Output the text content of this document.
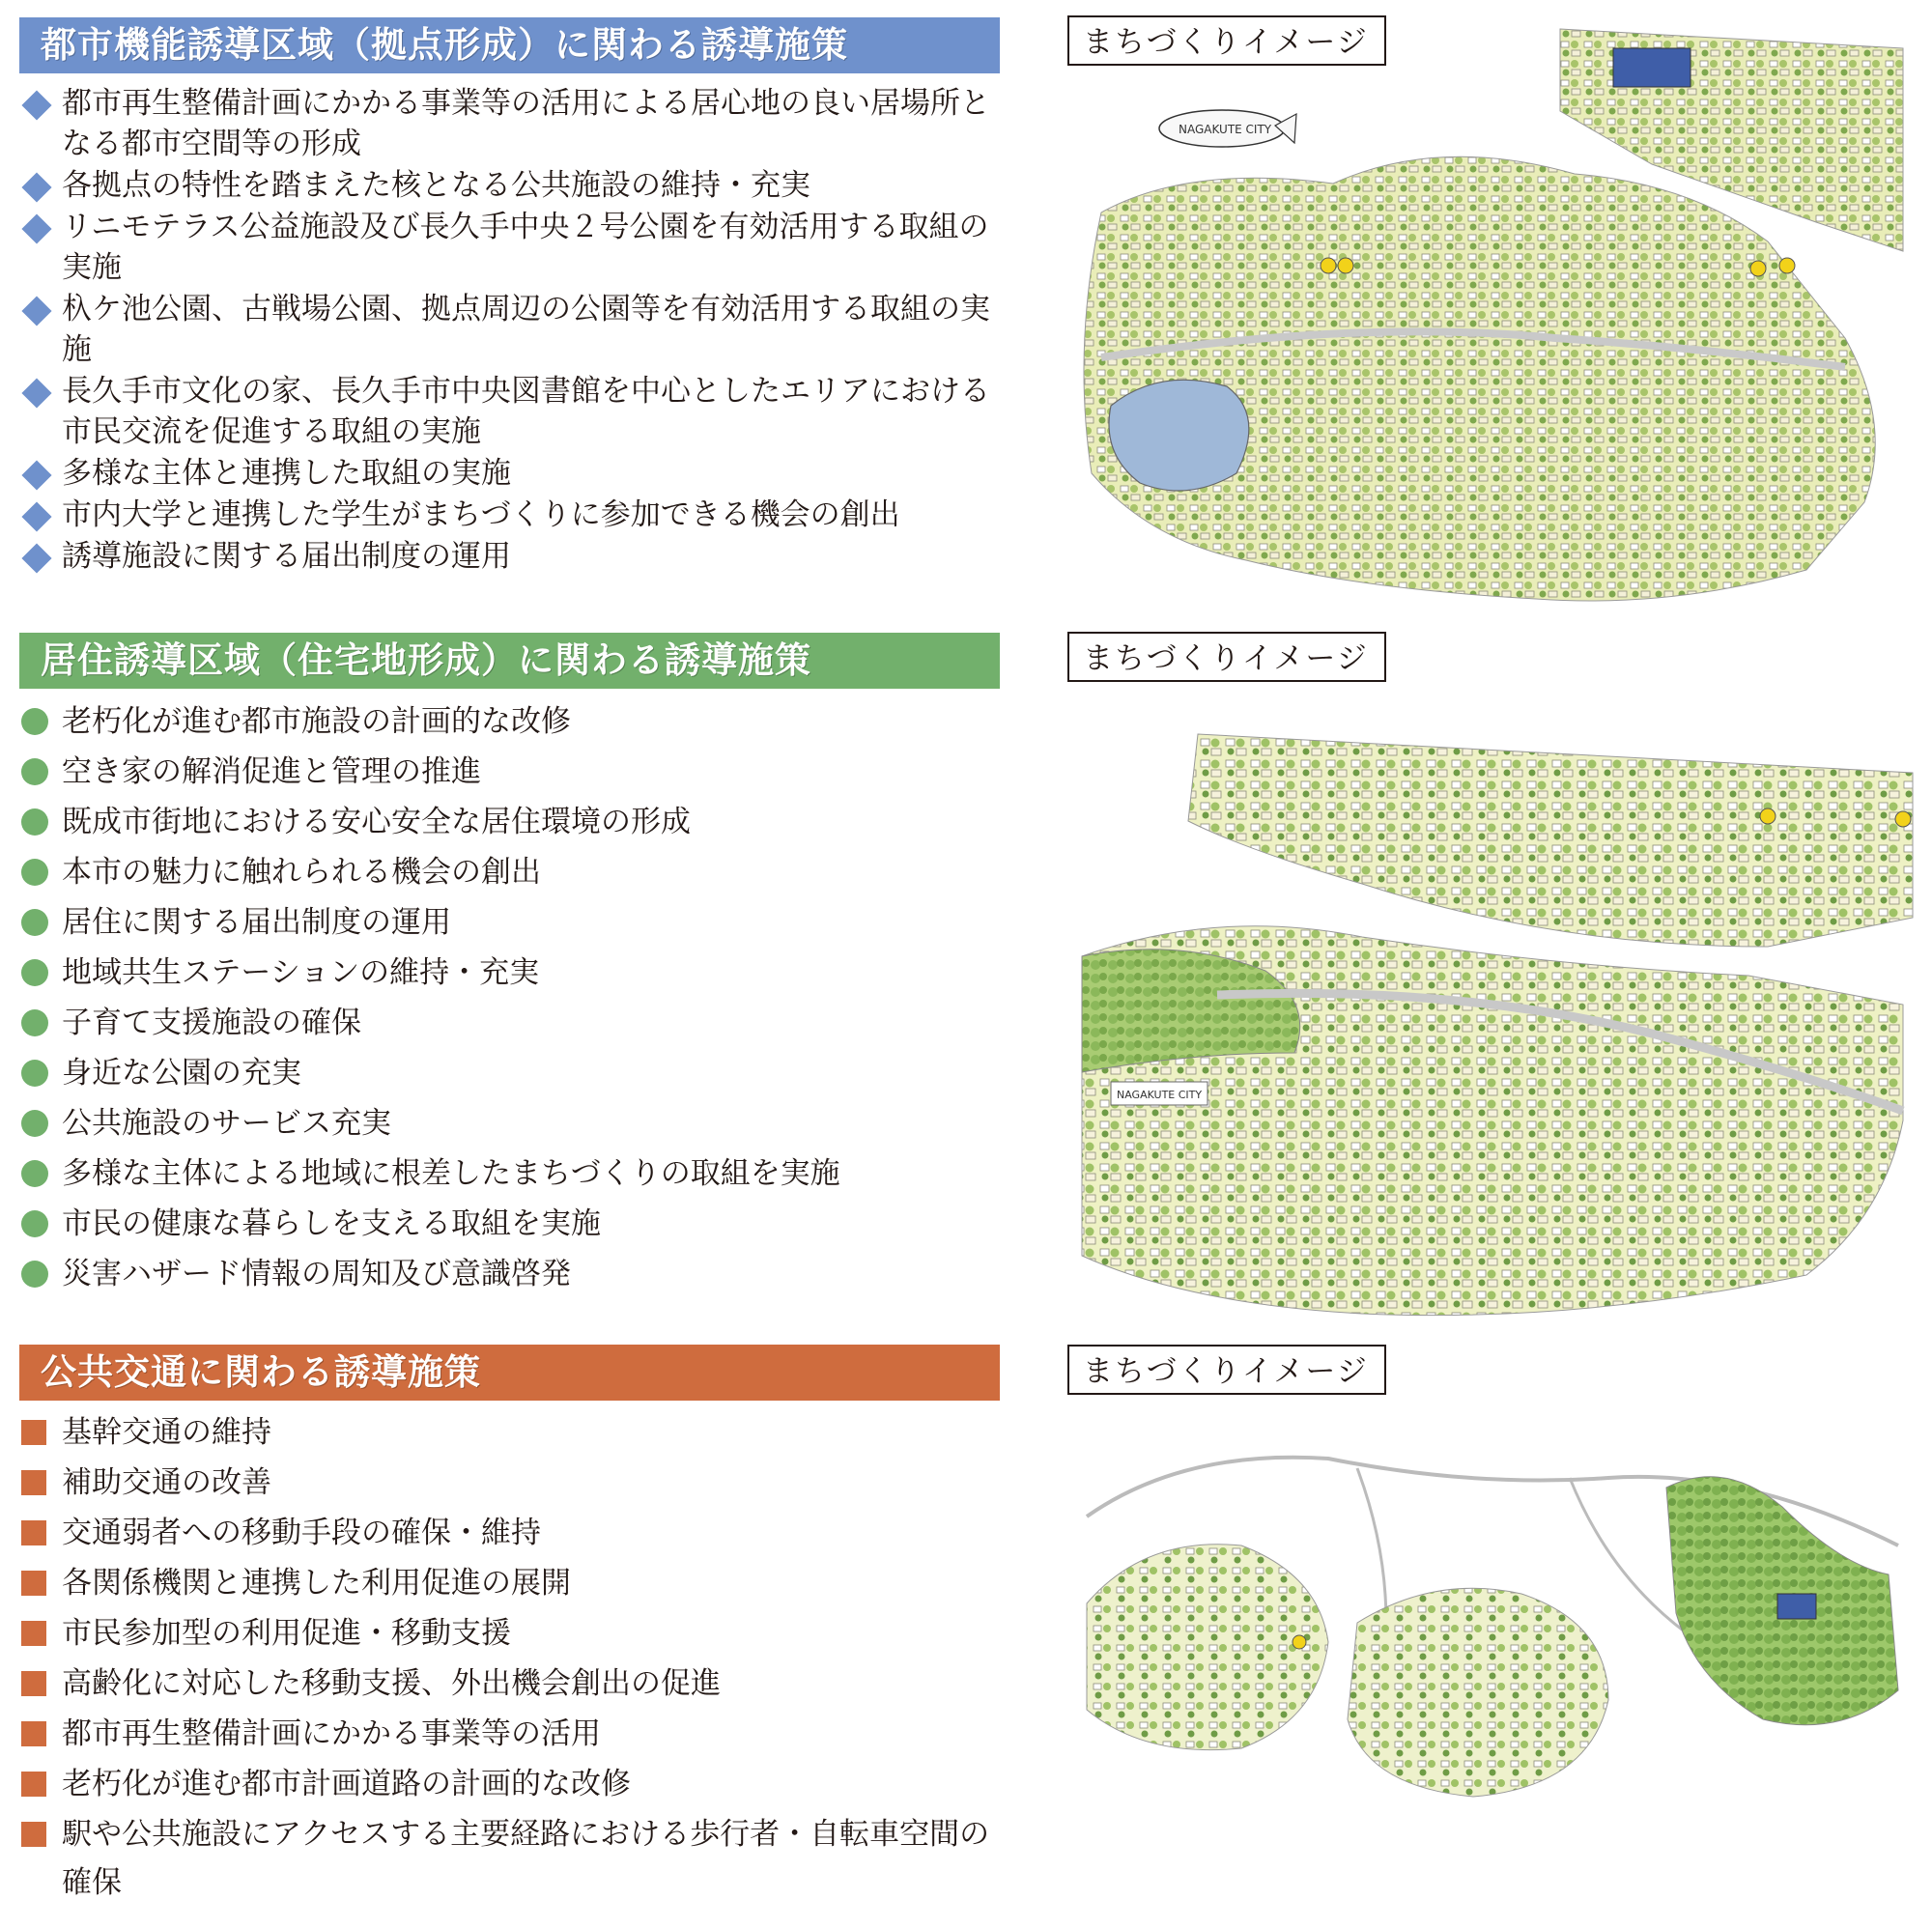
都市機能誘導区域（拠点形成）に関わる誘導施策
都市再生整備計画にかかる事業等の活用による居心地の良い居場所となる都市空間等の形成
各拠点の特性を踏まえた核となる公共施設の維持・充実
リニモテラス公益施設及び長久手中央２号公園を有効活用する取組の実施
杁ケ池公園、古戦場公園、拠点周辺の公園等を有効活用する取組の実施
長久手市文化の家、長久手市中央図書館を中心としたエリアにおける市民交流を促進する取組の実施
多様な主体と連携した取組の実施
市内大学と連携した学生がまちづくりに参加できる機会の創出
誘導施設に関する届出制度の運用
居住誘導区域（住宅地形成）に関わる誘導施策
老朽化が進む都市施設の計画的な改修
空き家の解消促進と管理の推進
既成市街地における安心安全な居住環境の形成
本市の魅力に触れられる機会の創出
居住に関する届出制度の運用
地域共生ステーションの維持・充実
子育て支援施設の確保
身近な公園の充実
公共施設のサービス充実
多様な主体による地域に根差したまちづくりの取組を実施
市民の健康な暮らしを支える取組を実施
災害ハザード情報の周知及び意識啓発
公共交通に関わる誘導施策
基幹交通の維持
補助交通の改善
交通弱者への移動手段の確保・維持
各関係機関と連携した利用促進の展開
市民参加型の利用促進・移動支援
高齢化に対応した移動支援、外出機会創出の促進
都市再生整備計画にかかる事業等の活用
老朽化が進む都市計画道路の計画的な改修
駅や公共施設にアクセスする主要経路における歩行者・自転車空間の確保
まちづくりイメージ
まちづくりイメージ
まちづくりイメージ
NAGAKUTE CITY
NAGAKUTE CITY
